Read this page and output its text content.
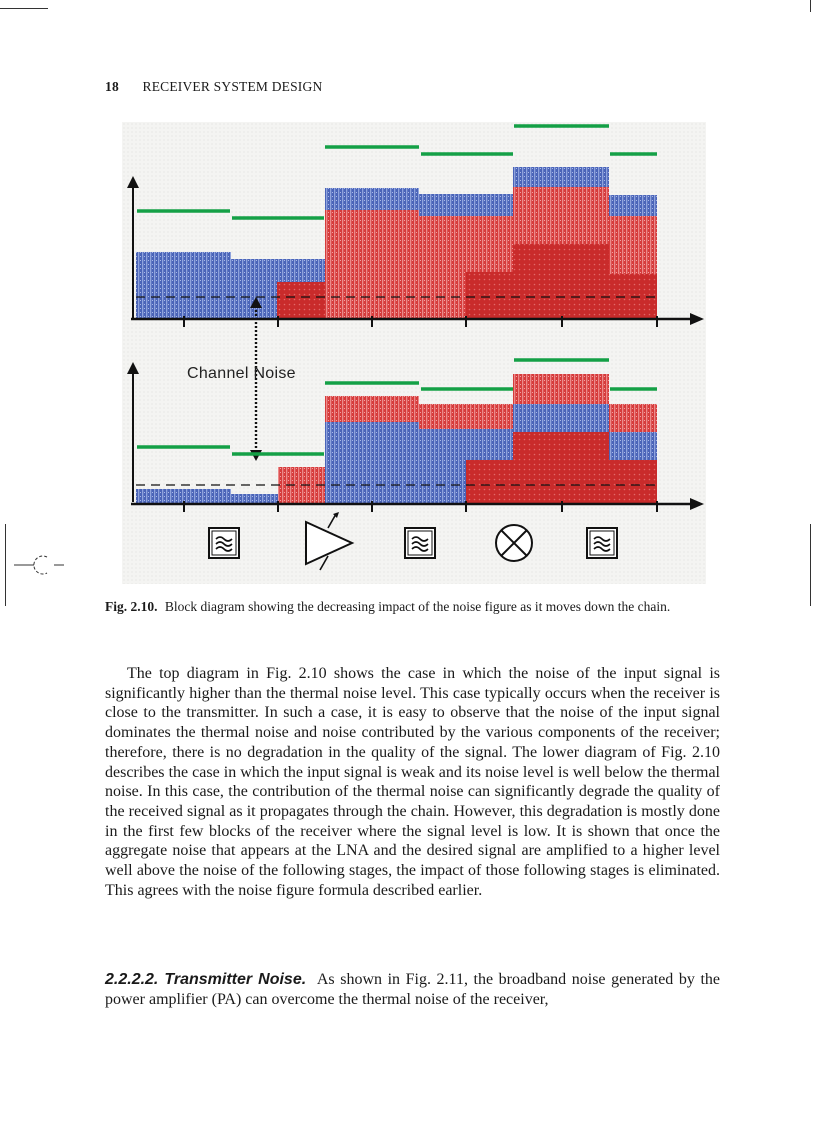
18 RECEIVER SYSTEM DESIGN
Channel Noise
Fig. 2.10. Block diagram showing the decreasing impact of the noise figure as it moves down the chain.

The top diagram in Fig. 2.10 shows the case in which the noise of the input signal is significantly higher than the thermal noise level. This case typically occurs when the receiver is close to the transmitter. In such a case, it is easy to observe that the noise of the input signal dominates the thermal noise and noise contributed by the various components of the receiver; therefore, there is no degradation in the quality of the signal. The lower diagram of Fig. 2.10 describes the case in which the input signal is weak and its noise level is well below the thermal noise. In this case, the contribution of the thermal noise can significantly degrade the quality of the received signal as it propagates through the chain. However, this degradation is mostly done in the first few blocks of the receiver where the signal level is low. It is shown that once the aggregate noise that appears at the LNA and the desired signal are amplified to a higher level well above the noise of the following stages, the impact of those following stages is eliminated. This agrees with the noise figure formula described earlier.

2.2.2.2. Transmitter Noise. As shown in Fig. 2.11, the broadband noise generated by the power amplifier (PA) can overcome the thermal noise of the receiver,
